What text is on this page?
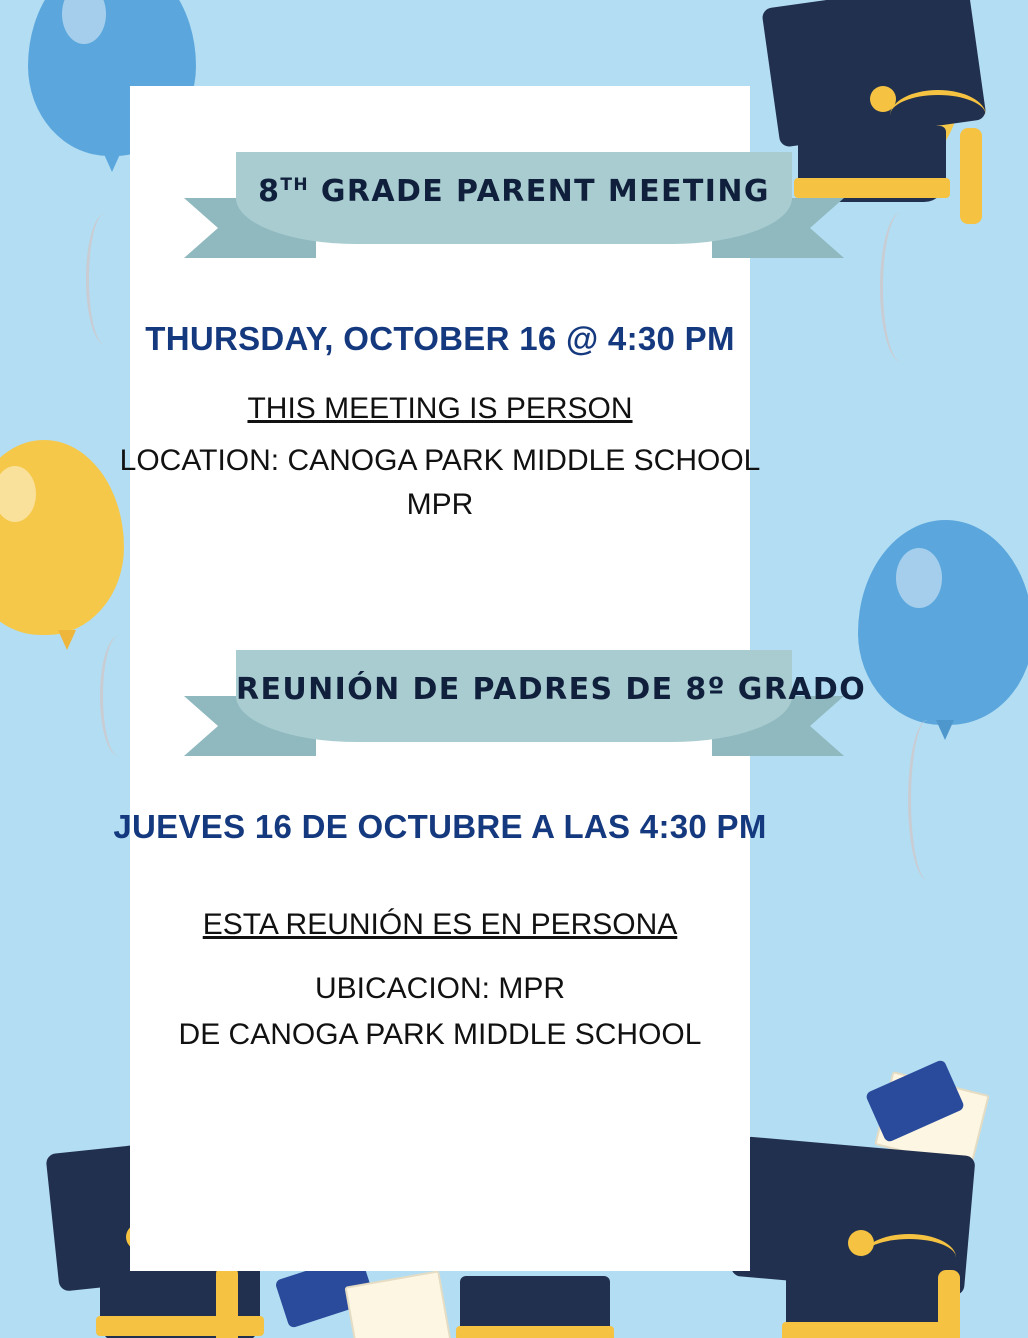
8TH GRADE PARENT MEETING
THURSDAY, OCTOBER 16 @ 4:30 PM
THIS MEETING IS PERSON
LOCATION: CANOGA PARK MIDDLE SCHOOL
MPR
REUNIÓN DE PADRES DE 8º GRADO
JUEVES 16 DE OCTUBRE A LAS 4:30 PM
ESTA REUNIÓN ES EN PERSONA
UBICACION: MPR
DE CANOGA PARK MIDDLE SCHOOL
